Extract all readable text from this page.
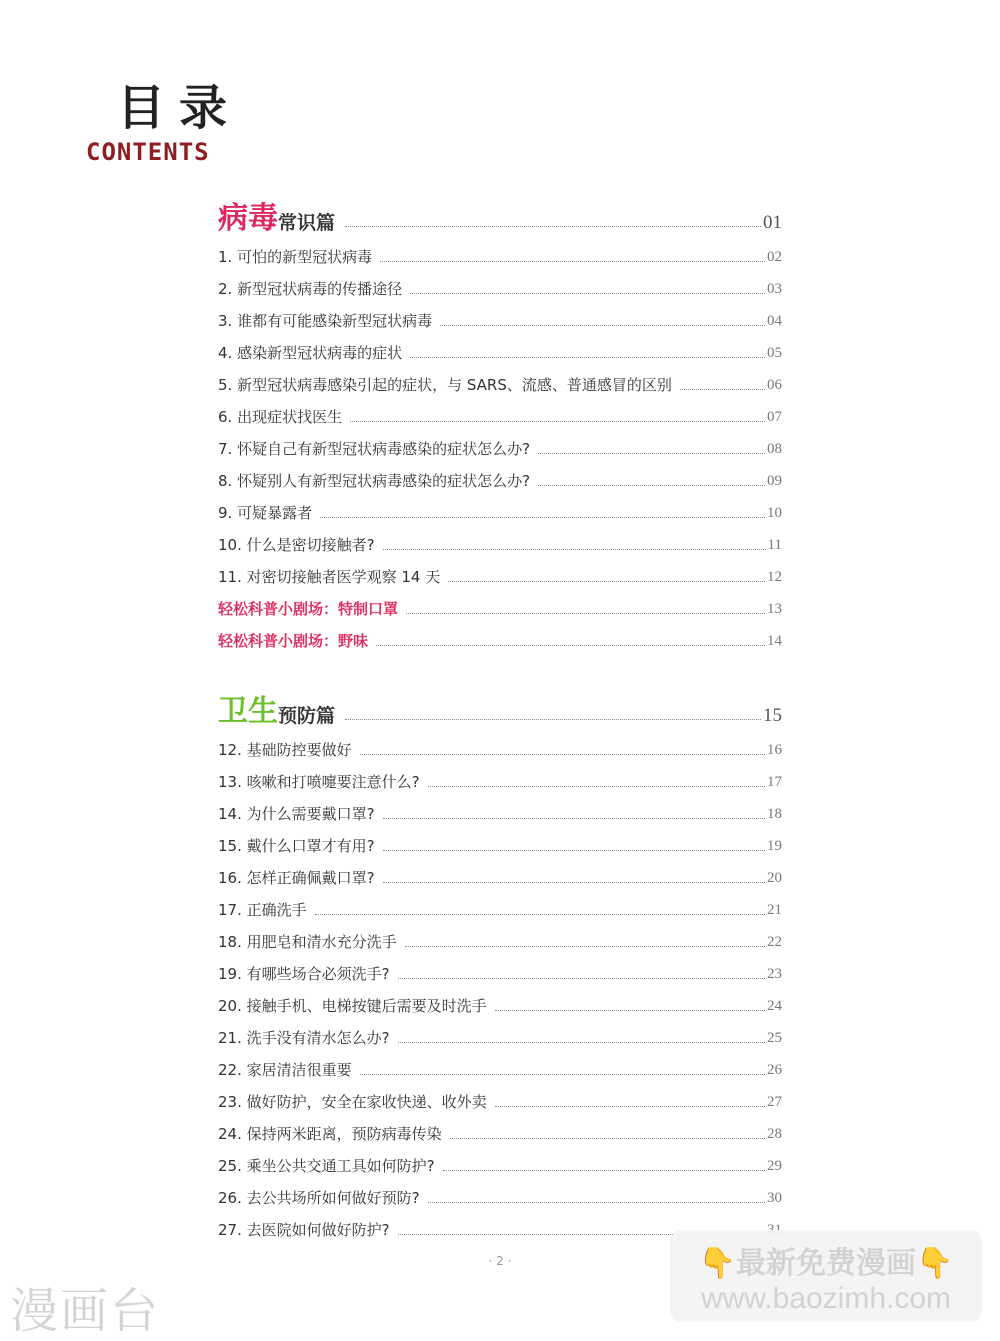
目录
CONTENTS
病毒 常识篇	01
1. 可怕的新型冠状病毒	02
2. 新型冠状病毒的传播途径	03
3. 谁都有可能感染新型冠状病毒	04
4. 感染新型冠状病毒的症状	05
5. 新型冠状病毒感染引起的症状，与 SARS、流感、普通感冒的区别	06
6. 出现症状找医生	07
7. 怀疑自己有新型冠状病毒感染的症状怎么办?	08
8. 怀疑别人有新型冠状病毒感染的症状怎么办?	09
9. 可疑暴露者	10
10. 什么是密切接触者?	11
11. 对密切接触者医学观察 14 天	12
轻松科普小剧场：特制口罩	13
轻松科普小剧场：野味	14
卫生 预防篇	15
12. 基础防控要做好	16
13. 咳嗽和打喷嚏要注意什么?	17
14. 为什么需要戴口罩?	18
15. 戴什么口罩才有用?	19
16. 怎样正确佩戴口罩?	20
17. 正确洗手	21
18. 用肥皂和清水充分洗手	22
19. 有哪些场合必须洗手?	23
20. 接触手机、电梯按键后需要及时洗手	24
21. 洗手没有清水怎么办?	25
22. 家居清洁很重要	26
23. 做好防护，安全在家收快递、收外卖	27
24. 保持两米距离，预防病毒传染	28
25. 乘坐公共交通工具如何防护?	29
26. 去公共场所如何做好预防?	30
27. 去医院如何做好防护?
· 2 ·
漫画台
👇最新免费漫画👇
www.baozimh.com
